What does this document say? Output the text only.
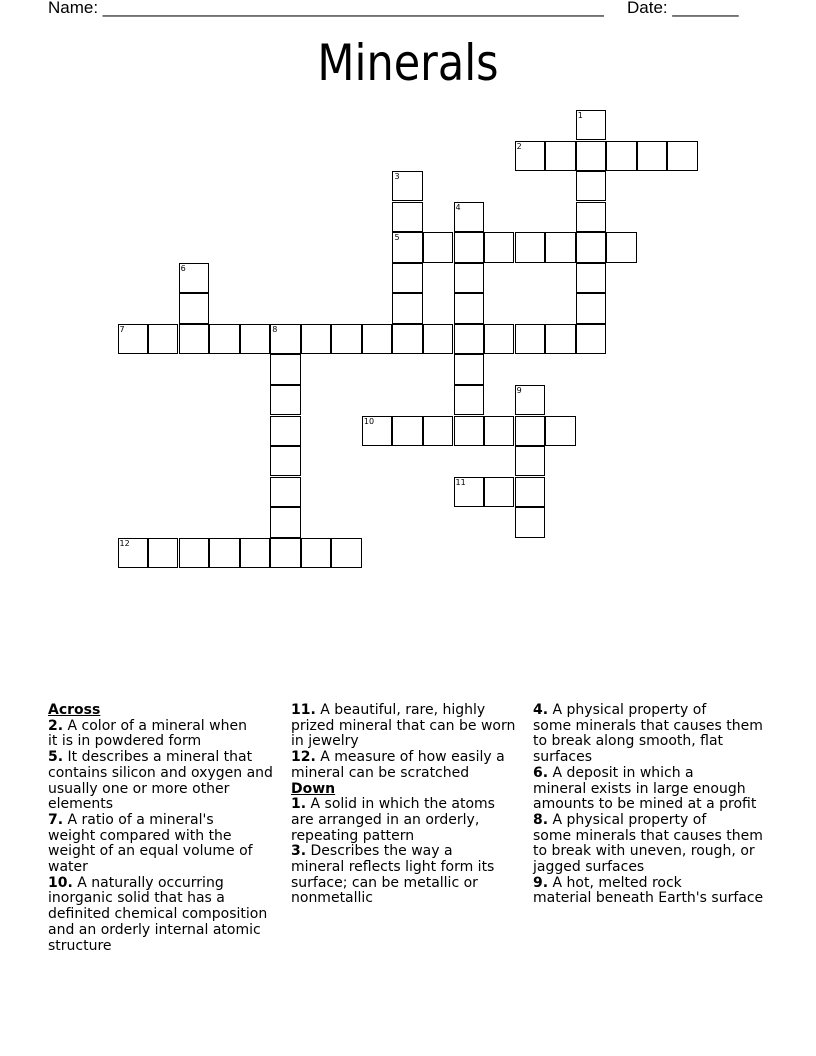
Name: _____________________________________________________ Date: _______
Minerals
1
2
3
5
4
6
7	8
9
10
11
12
Across
2. A color of a mineral when
it is in powdered form
5. It describes a mineral that
contains silicon and oxygen and
usually one or more other
elements
7. A ratio of a mineral's
weight compared with the
weight of an equal volume of
water
10. A naturally occurring
inorganic solid that has a
definited chemical composition
and an orderly internal atomic
structure
11. A beautiful, rare, highly
prized mineral that can be worn
in jewelry
12. A measure of how easily a
mineral can be scratched
Down
1. A solid in which the atoms
are arranged in an orderly,
repeating pattern
3. Describes the way a
mineral reflects light form its
surface; can be metallic or
nonmetallic
4. A physical property of
some minerals that causes them
to break along smooth, flat
surfaces
6. A deposit in which a
mineral exists in large enough
amounts to be mined at a profit
8. A physical property of
some minerals that causes them
to break with uneven, rough, or
jagged surfaces
9. A hot, melted rock
material beneath Earth's surface
